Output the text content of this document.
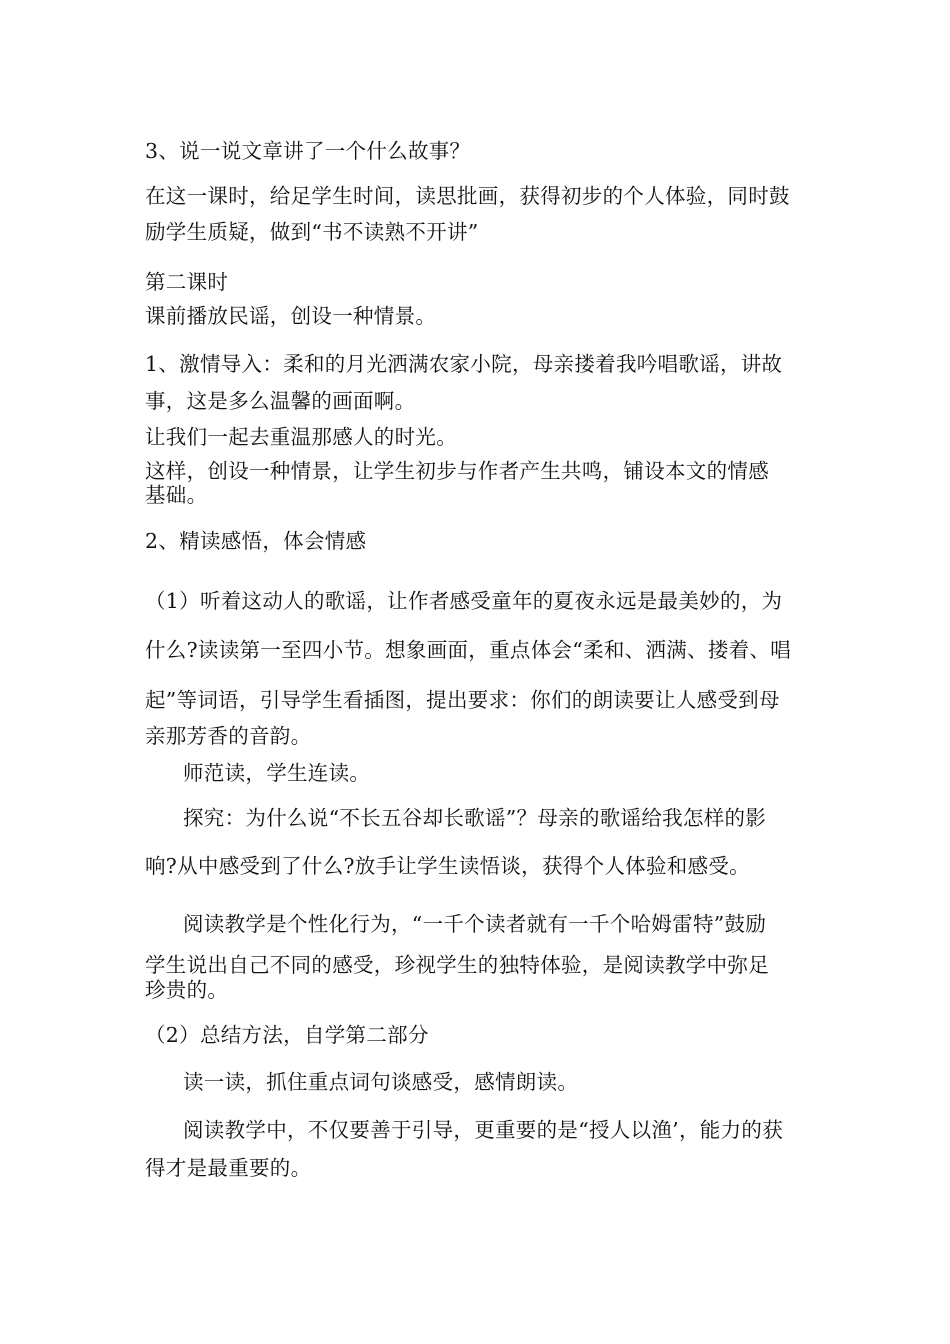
3、说一说文章讲了一个什么故事？
在这一课时，给足学生时间，读思批画，获得初步的个人体验，同时鼓
励学生质疑，做到“书不读熟不开讲”
第二课时
课前播放民谣，创设一种情景。
1、激情导入：柔和的月光洒满农家小院，母亲搂着我吟唱歌谣，讲故
事，这是多么温馨的画面啊。
让我们一起去重温那感人的时光。
这样，创设一种情景，让学生初步与作者产生共鸣，铺设本文的情感
基础。
2、精读感悟，体会情感
（1）听着这动人的歌谣，让作者感受童年的夏夜永远是最美妙的，为
什么?读读第一至四小节。想象画面，重点体会“柔和、洒满、搂着、唱
起”等词语，引导学生看插图，提出要求：你们的朗读要让人感受到母
亲那芳香的音韵。
师范读，学生连读。
探究：为什么说“不长五谷却长歌谣”？母亲的歌谣给我怎样的影
响?从中感受到了什么?放手让学生读悟谈，获得个人体验和感受。
阅读教学是个性化行为，“一千个读者就有一千个哈姆雷特”鼓励
学生说出自己不同的感受，珍视学生的独特体验，是阅读教学中弥足
珍贵的。
（2）总结方法，自学第二部分
读一读，抓住重点词句谈感受，感情朗读。
阅读教学中，不仅要善于引导，更重要的是“授人以渔’，能力的获
得才是最重要的。
